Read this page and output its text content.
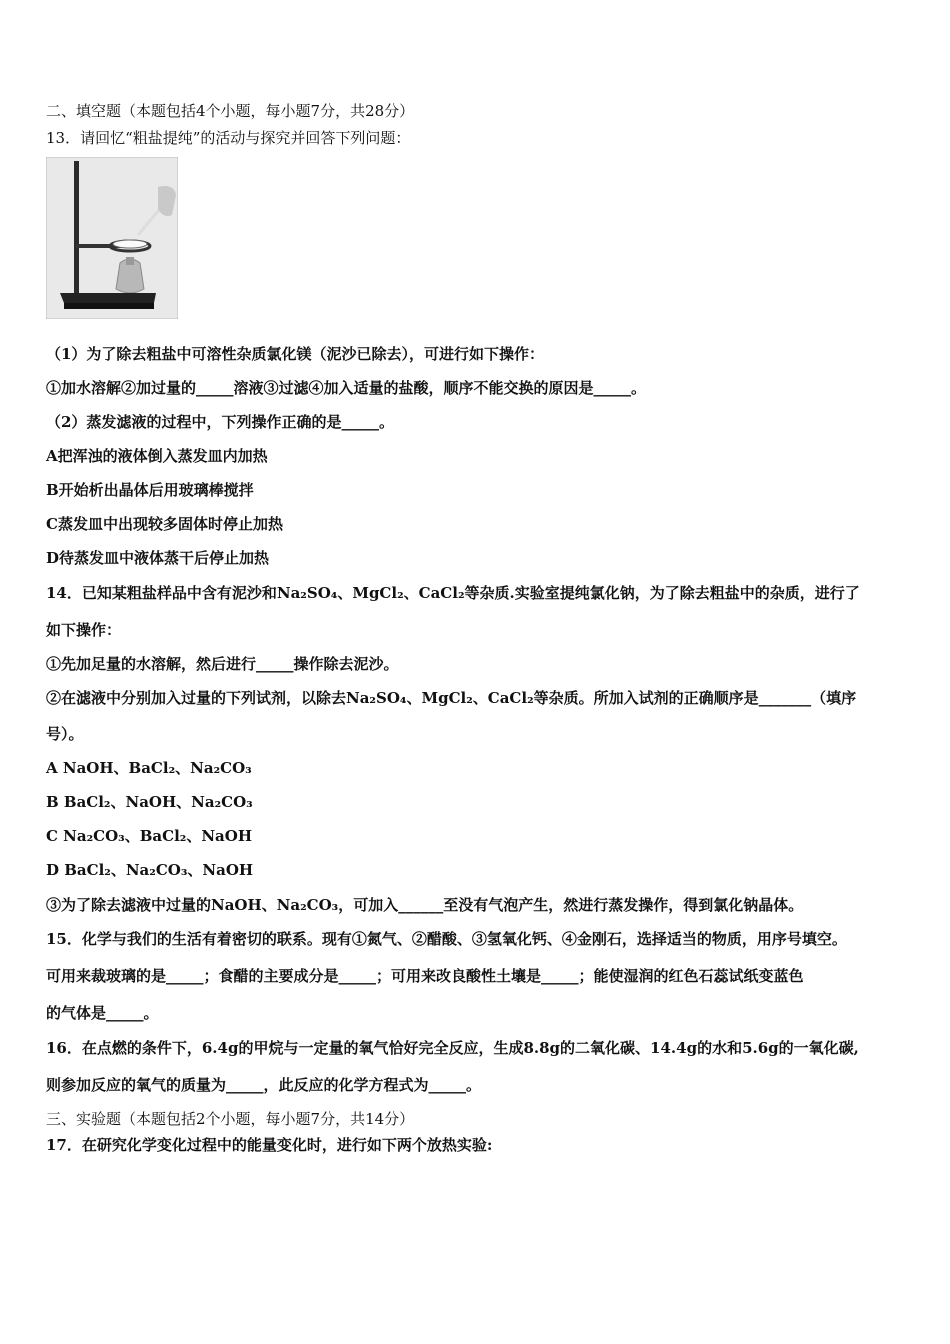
二、填空题（本题包括4个小题，每小题7分，共28分）
13．请回忆“粗盐提纯”的活动与探究并回答下列问题：
（1）为了除去粗盐中可溶性杂质氯化镁（泥沙已除去），可进行如下操作：
①加水溶解②加过量的_____溶液③过滤④加入适量的盐酸，顺序不能交换的原因是_____。
（2）蒸发滤液的过程中，下列操作正确的是_____。
A把浑浊的液体倒入蒸发皿内加热
B开始析出晶体后用玻璃棒搅拌
C蒸发皿中出现较多固体时停止加热
D待蒸发皿中液体蒸干后停止加热
14．已知某粗盐样品中含有泥沙和Na₂SO₄、MgCl₂、CaCl₂等杂质.实验室提纯氯化钠，为了除去粗盐中的杂质，进行了
如下操作：
①先加足量的水溶解，然后进行_____操作除去泥沙。
②在滤液中分别加入过量的下列试剂，以除去Na₂SO₄、MgCl₂、CaCl₂等杂质。所加入试剂的正确顺序是_______（填序
号）。
A NaOH、BaCl₂、Na₂CO₃
B BaCl₂、NaOH、Na₂CO₃
C Na₂CO₃、BaCl₂、NaOH
D BaCl₂、Na₂CO₃、NaOH
③为了除去滤液中过量的NaOH、Na₂CO₃，可加入______至没有气泡产生，然进行蒸发操作，得到氯化钠晶体。
15．化学与我们的生活有着密切的联系。现有①氮气、②醋酸、③氢氧化钙、④金刚石，选择适当的物质，用序号填空。
可用来裁玻璃的是_____；食醋的主要成分是_____；可用来改良酸性土壤是_____；能使湿润的红色石蕊试纸变蓝色
的气体是_____。
16．在点燃的条件下，6.4g的甲烷与一定量的氧气恰好完全反应，生成8.8g的二氧化碳、14.4g的水和5.6g的一氧化碳,
则参加反应的氧气的质量为_____，此反应的化学方程式为_____。
三、实验题（本题包括2个小题，每小题7分，共14分）
17．在研究化学变化过程中的能量变化时，进行如下两个放热实验:
